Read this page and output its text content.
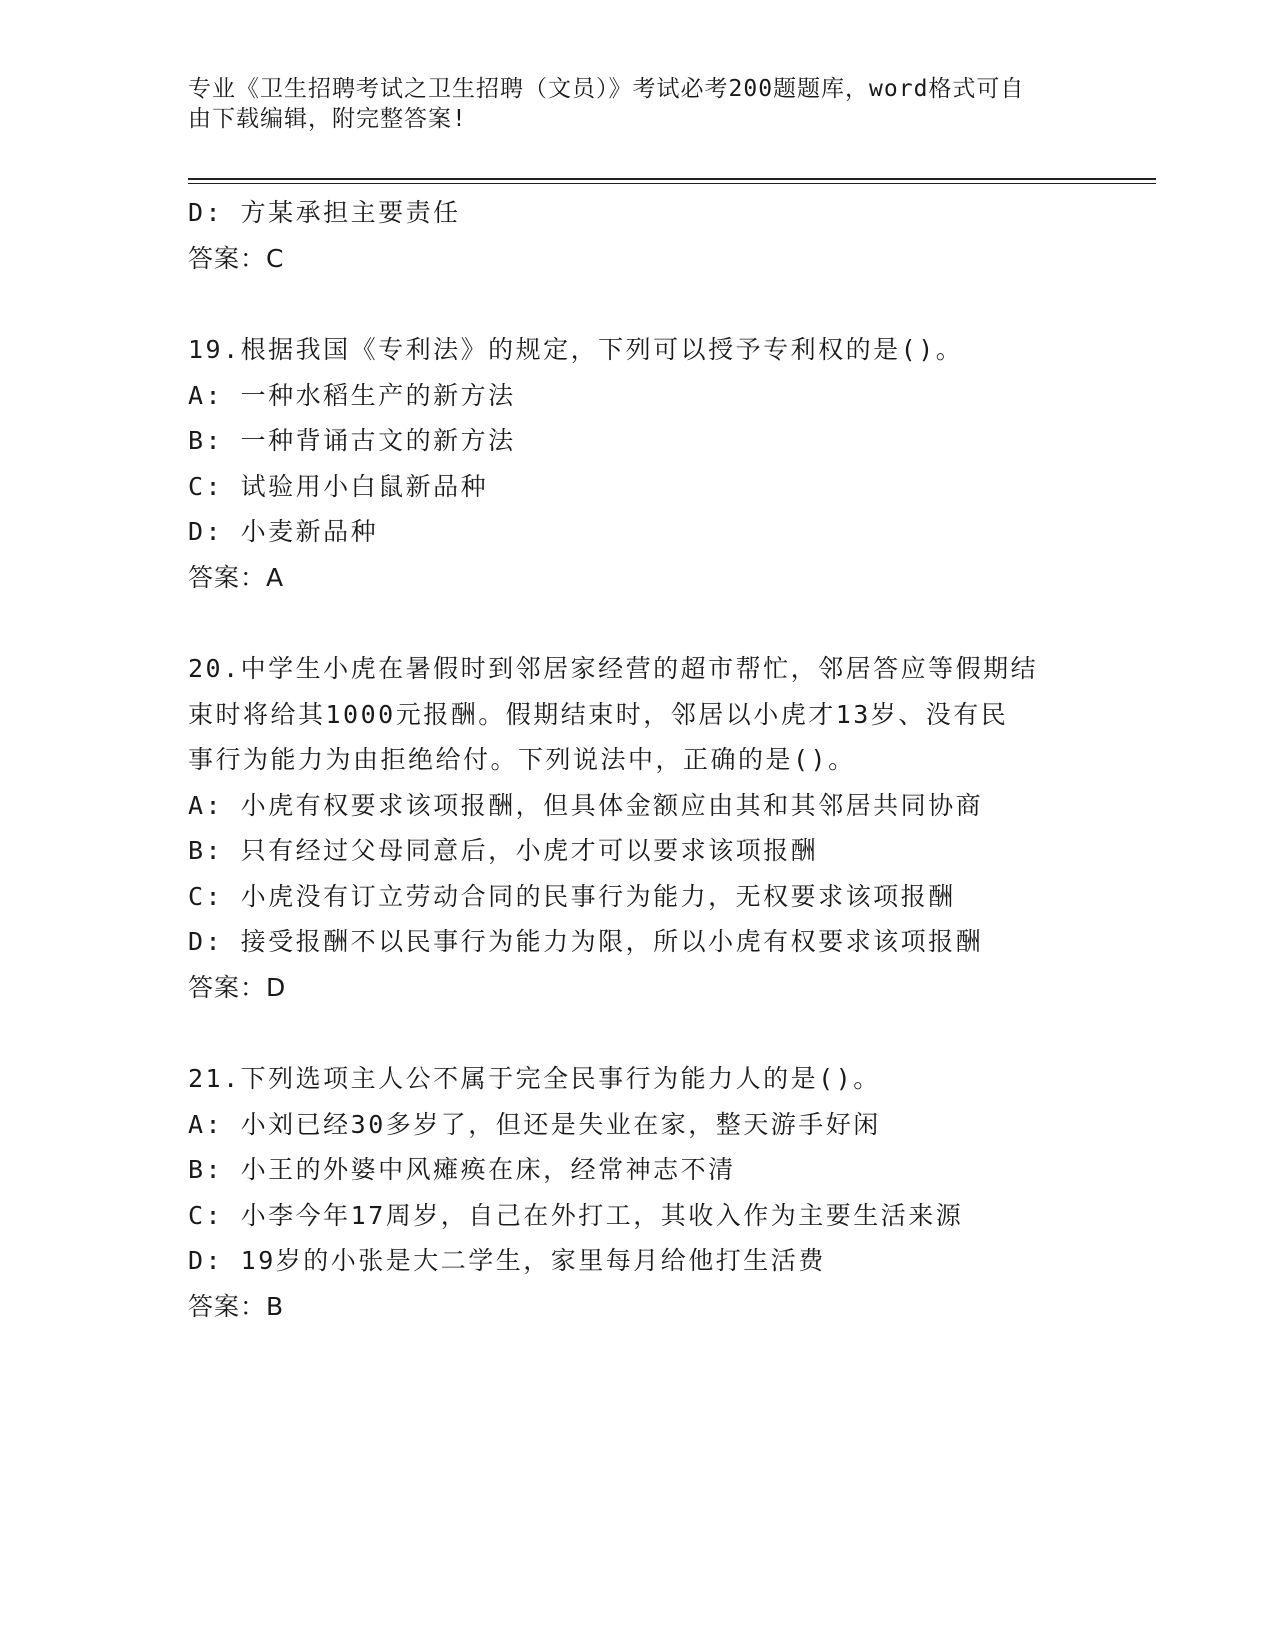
专业《卫生招聘考试之卫生招聘（文员）》考试必考200题题库，word格式可自
由下载编辑，附完整答案!
D: 方某承担主要责任
答案：C
19.根据我国《专利法》的规定，下列可以授予专利权的是()。
A: 一种水稻生产的新方法
B: 一种背诵古文的新方法
C: 试验用小白鼠新品种
D: 小麦新品种
答案：A
20.中学生小虎在暑假时到邻居家经营的超市帮忙，邻居答应等假期结
束时将给其1000元报酬。假期结束时，邻居以小虎才13岁、没有民
事行为能力为由拒绝给付。下列说法中，正确的是()。
A: 小虎有权要求该项报酬，但具体金额应由其和其邻居共同协商
B: 只有经过父母同意后，小虎才可以要求该项报酬
C: 小虎没有订立劳动合同的民事行为能力，无权要求该项报酬
D: 接受报酬不以民事行为能力为限，所以小虎有权要求该项报酬
答案：D
21.下列选项主人公不属于完全民事行为能力人的是()。
A: 小刘已经30多岁了，但还是失业在家，整天游手好闲
B: 小王的外婆中风瘫痪在床，经常神志不清
C: 小李今年17周岁，自己在外打工，其收入作为主要生活来源
D: 19岁的小张是大二学生，家里每月给他打生活费
答案：B
